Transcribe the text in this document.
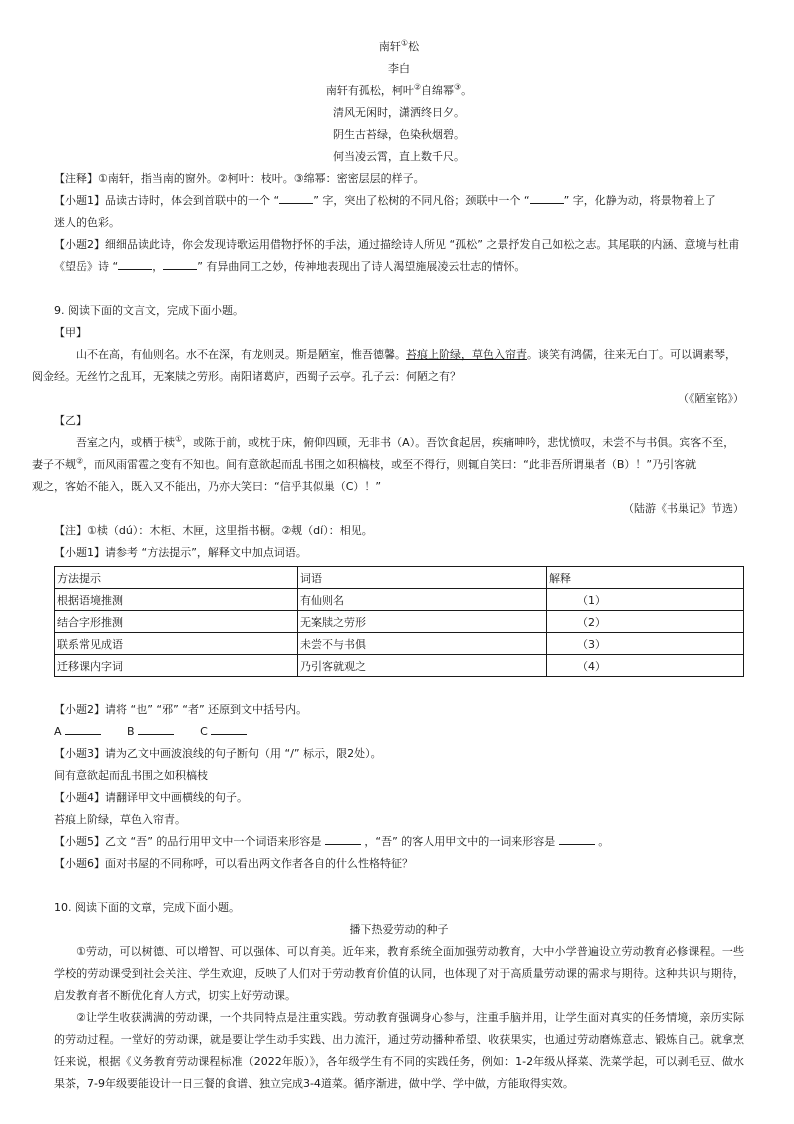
南轩①松
李白
南轩有孤松，柯叶②自绵幂③。
清风无闲时，潇洒终日夕。
阴生古苔绿，色染秋烟碧。
何当凌云霄，直上数千尺。
【注释】①南轩，指当南的窗外。②柯叶：枝叶。③绵幂：密密层层的样子。
【小题1】品读古诗时，体会到首联中的一个 “	” 字，突出了松树的不同凡俗；颈联中一个 “	” 字，化静为动，将景物着上了
迷人的色彩。
【小题2】细细品读此诗，你会发现诗歌运用借物抒怀的手法，通过描绘诗人所见 “孤松” 之景抒发自己如松之志。其尾联的内涵、意境与杜甫
《望岳》诗 “	，	” 有异曲同工之妙，传神地表现出了诗人渴望施展凌云壮志的情怀。
9. 阅读下面的文言文，完成下面小题。
【甲】
山不在高，有仙则名。水不在深，有龙则灵。斯是陋室，惟吾德馨。苔痕上阶绿，草色入帘青。谈笑有鸿儒，往来无白丁。可以调素琴，
阅金经。无丝竹之乱耳，无案牍之劳形。南阳诸葛庐，西蜀子云亭。孔子云：何陋之有？
（《陋室铭》）
【乙】
吾室之内，或栖于椟①，或陈于前，或枕于床，俯仰四顾，无非书（A）。吾饮食起居，疾痛呻吟，悲忧愤叹，未尝不与书俱。宾客不至，
妻子不觌②，而风雨雷雹之变有不知也。间有意欲起而乱书围之如积槁枝，或至不得行，则辄自笑曰：“此非吾所谓巢者（B）！”乃引客就
观之，客始不能入，既入又不能出，乃亦大笑曰：“信乎其似巢（C）！”
（陆游《书巢记》节选）
【注】①椟（dú）：木柜、木匣，这里指书橱。②觌（dí）：相见。
【小题1】请参考 “方法提示”，解释文中加点词语。
方法提示	词语	解释
根据语境推测	有仙则名	（1）
结合字形推测	无案牍之劳形	（2）
联系常见成语	未尝不与书俱	（3）
迁移课内字词	乃引客就观之	（4）
【小题2】请将 “也” “邪” “者” 还原到文中括号内。
A	B	C
【小题3】请为乙文中画波浪线的句子断句（用 “/” 标示，限2处）。
间有意欲起而乱书围之如积槁枝
【小题4】请翻译甲文中画横线的句子。
苔痕上阶绿，草色入帘青。
【小题5】乙文 “吾” 的品行用甲文中一个词语来形容是	，“吾” 的客人用甲文中的一词来形容是	。
【小题6】面对书屋的不同称呼，可以看出两文作者各自的什么性格特征？
10. 阅读下面的文章，完成下面小题。
播下热爱劳动的种子
①劳动，可以树德、可以增智、可以强体、可以育美。近年来，教育系统全面加强劳动教育，大中小学普遍设立劳动教育必修课程。一些学校的劳动课受到社会关注、学生欢迎，反映了人们对于劳动教育价值的认同，也体现了对于高质量劳动课的需求与期待。这种共识与期待，启发教育者不断优化育人方式，切实上好劳动课。
②让学生收获满满的劳动课，一个共同特点是注重实践。劳动教育强调身心参与，注重手脑并用，让学生面对真实的任务情境，亲历实际的劳动过程。一堂好的劳动课，就是要让学生动手实践、出力流汗，通过劳动播种希望、收获果实，也通过劳动磨炼意志、锻炼自己。就拿烹饪来说，根据《义务教育劳动课程标准（2022年版）》，各年级学生有不同的实践任务，例如：1-2年级从择菜、洗菜学起，可以剥毛豆、做水果茶，7-9年级要能设计一日三餐的食谱、独立完成3-4道菜。循序渐进，做中学、学中做，方能取得实效。
